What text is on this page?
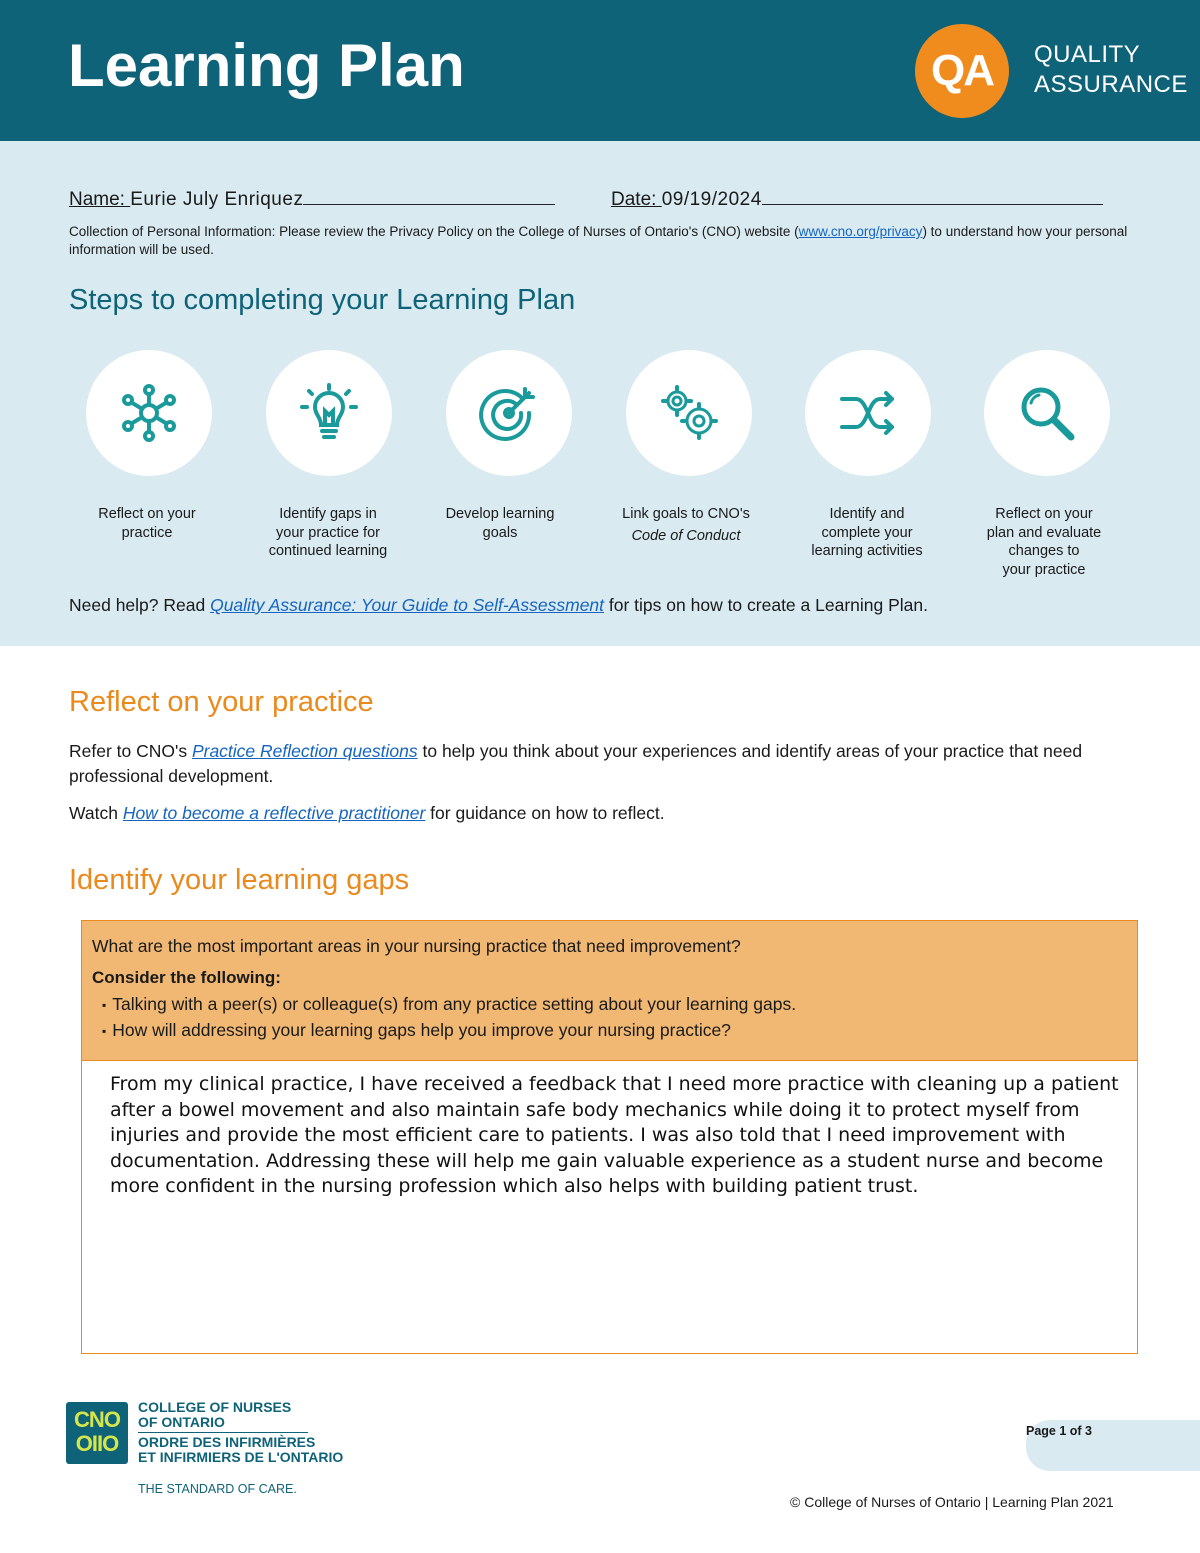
Learning Plan	QA	QUALITY
ASSURANCE
Name: Eurie July Enriquez	Date: 09/19/2024
Collection of Personal Information: Please review the Privacy Policy on the College of Nurses of Ontario's (CNO) website (www.cno.org/privacy) to understand how your personal information will be used.
Steps to completing your Learning Plan
Reflect on your
practice
Identify gaps in
your practice for
continued learning
Develop learning
goals
Link goals to CNO's
Code of Conduct
Identify and
complete your
learning activities
Reflect on your
plan and evaluate
changes to
your practice
Need help? Read Quality Assurance: Your Guide to Self-Assessment for tips on how to create a Learning Plan.
Reflect on your practice
Refer to CNO's Practice Reflection questions to help you think about your experiences and identify areas of your practice that need professional development.
Watch How to become a reflective practitioner for guidance on how to reflect.
Identify your learning gaps
What are the most important areas in your nursing practice that need improvement?
Consider the following:
▪ Talking with a peer(s) or colleague(s) from any practice setting about your learning gaps.
▪ How will addressing your learning gaps help you improve your nursing practice?
From my clinical practice, I have received a feedback that I need more practice with cleaning up a patient after a bowel movement and also maintain safe body mechanics while doing it to protect myself from injuries and provide the most efficient care to patients. I was also told that I need improvement with documentation. Addressing these will help me gain valuable experience as a student nurse and become more confident in the nursing profession which also helps with building patient trust.
CNO
OIIO
COLLEGE OF NURSES
OF ONTARIO
ORDRE DES INFIRMIÈRES
ET INFIRMIERS DE L'ONTARIO
THE STANDARD OF CARE.
Page 1 of 3
© College of Nurses of Ontario | Learning Plan 2021
